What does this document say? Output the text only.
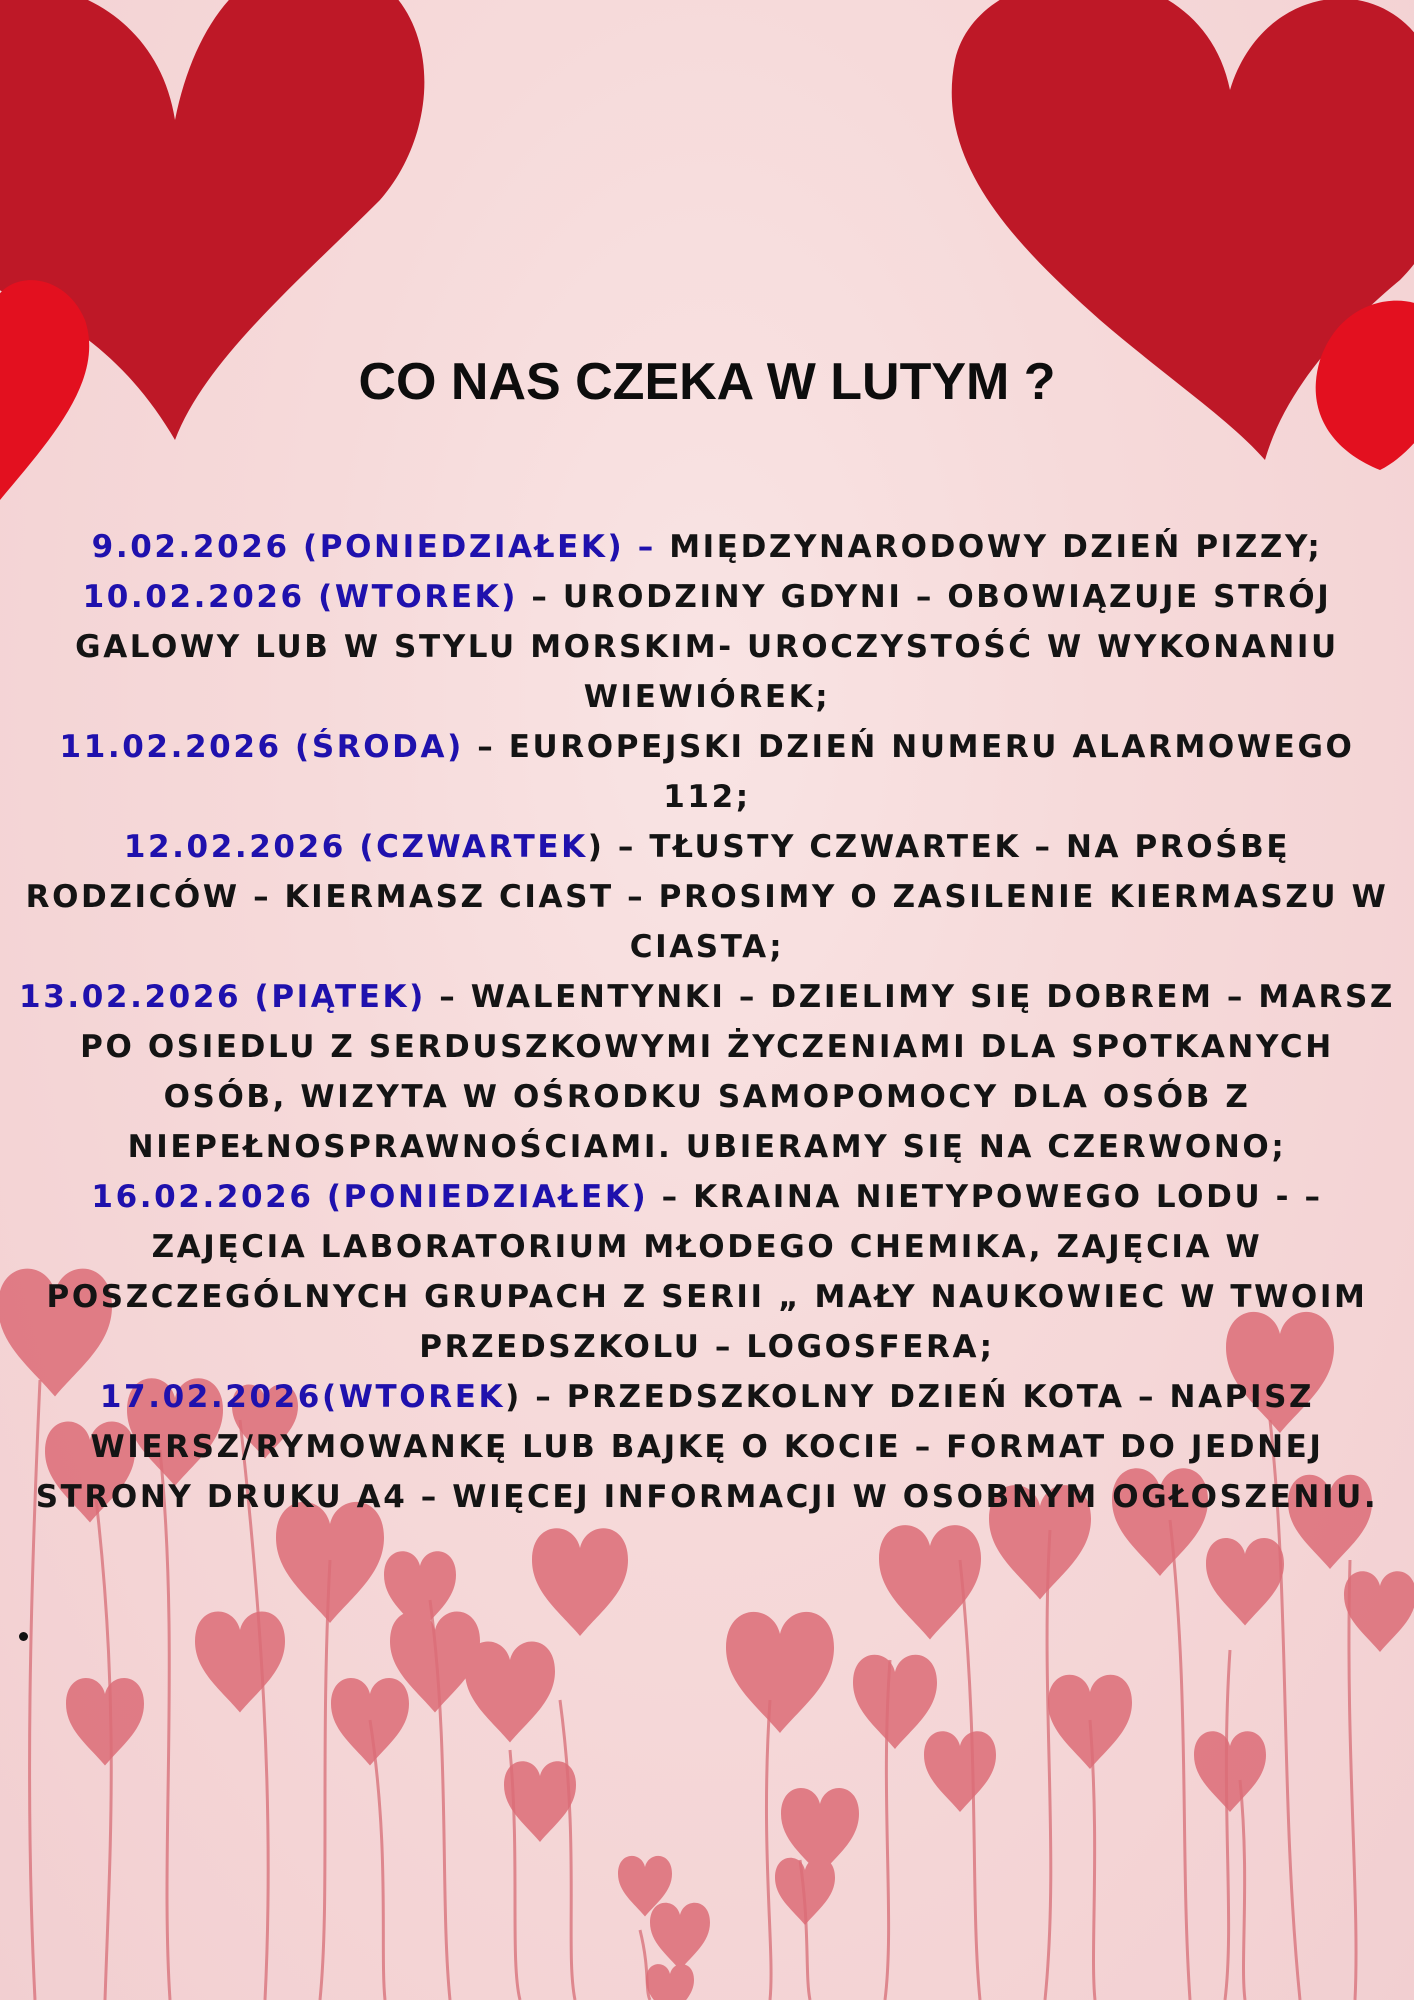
CO NAS CZEKA W LUTYM ?

9.02.2026 (PONIEDZIAŁEK) – MIĘDZYNARODOWY DZIEŃ PIZZY;

10.02.2026 (WTOREK) – URODZINY GDYNI – OBOWIĄZUJE STRÓJ GALOWY LUB W STYLU MORSKIM- UROCZYSTOŚĆ W WYKONANIU WIEWIÓREK;

11.02.2026 (ŚRODA) – EUROPEJSKI DZIEŃ NUMERU ALARMOWEGO 112;

12.02.2026 (CZWARTEK) – TŁUSTY CZWARTEK – NA PROŚBĘ RODZICÓW – KIERMASZ CIAST – PROSIMY O ZASILENIE KIERMASZU W CIASTA;

13.02.2026 (PIĄTEK) – WALENTYNKI – DZIELIMY SIĘ DOBREM – MARSZ PO OSIEDLU Z SERDUSZKOWYMI ŻYCZENIAMI DLA SPOTKANYCH OSÓB, WIZYTA W OŚRODKU SAMOPOMOCY DLA OSÓB Z NIEPEŁNOSPRAWNOŚCIAMI. UBIERAMY SIĘ NA CZERWONO;

16.02.2026 (PONIEDZIAŁEK) – KRAINA NIETYPOWEGO LODU - – ZAJĘCIA LABORATORIUM MŁODEGO CHEMIKA, ZAJĘCIA W POSZCZEGÓLNYCH GRUPACH Z SERII „ MAŁY NAUKOWIEC W TWOIM PRZEDSZKOLU – LOGOSFERA;

17.02.2026(WTOREK) – PRZEDSZKOLNY DZIEŃ KOTA – NAPISZ WIERSZ/RYMOWANKĘ LUB BAJKĘ O KOCIE – FORMAT DO JEDNEJ STRONY DRUKU A4 – WIĘCEJ INFORMACJI W OSOBNYM OGŁOSZENIU.
